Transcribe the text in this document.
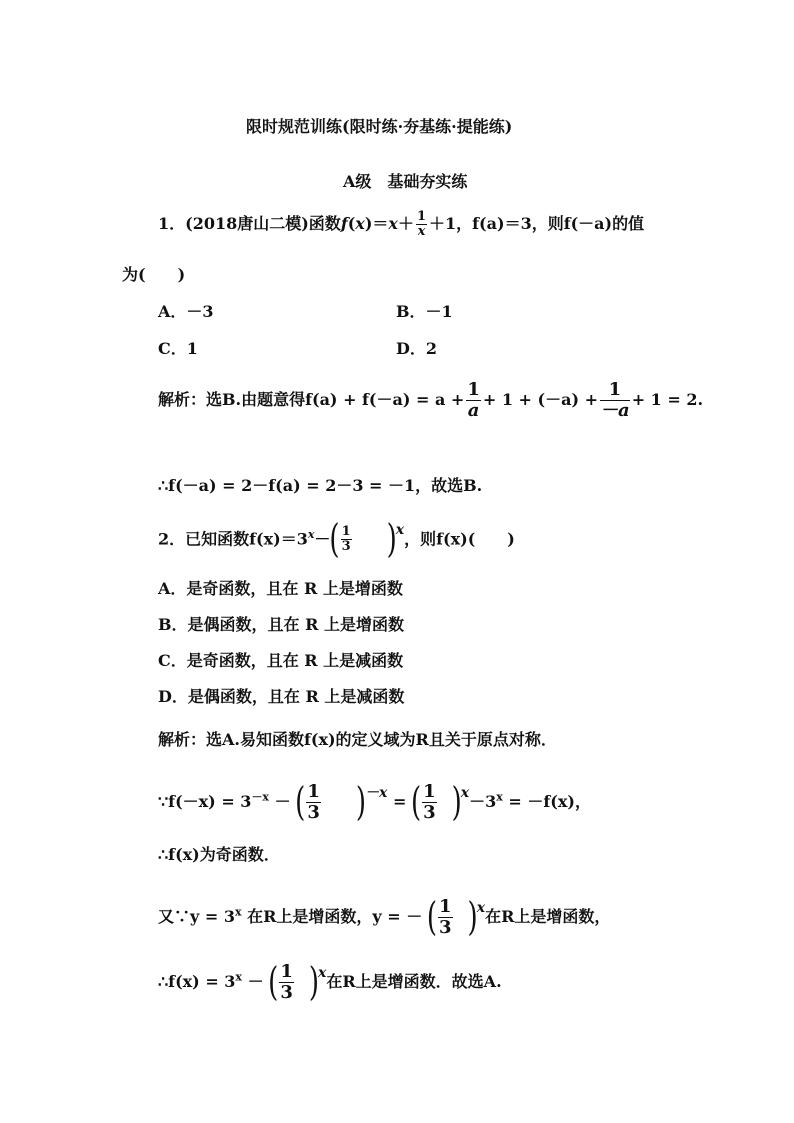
限时规范训练(限时练·夯基练·提能练)
A级　基础夯实练
1．(2018唐山二模)函数$f(x)=x+ \frac{1}{x} +1$，f(a)＝3，则f(－a)的值
为(　　)
A．－3	B．－1
C．1	D．2
解析：选B.由题意得$f(a) + f(-a) = a + \frac{1}{a} + 1 + (-a) + \frac{1}{-a} + 1 = 2$.
∴f(－a) = 2－f(a) = 2－3 = －1，故选B.
2．已知函数$f(x)=3^x-( \frac{1}{3} )x$，则f(x)(　　)
A．是奇函数，且在 R 上是增函数
B．是偶函数，且在 R 上是增函数
C．是奇函数，且在 R 上是减函数
D．是偶函数，且在 R 上是减函数
解析：选A.易知函数f(x)的定义域为R且关于原点对称．
∵f(－x) = $3^{-x}$ － ( $\frac{1}{3} )-x$ = ( $\frac{1}{3} )x-3^x = -f(x)$，
∴f(x)为奇函数．
又∵y = $3^x$ 在R上是增函数，y = － ( $\frac{1}{3} )x$在R上是增函数，
∴f(x) = $3^x$ － ( $\frac{1}{3} )x$在R上是增函数．故选A.
